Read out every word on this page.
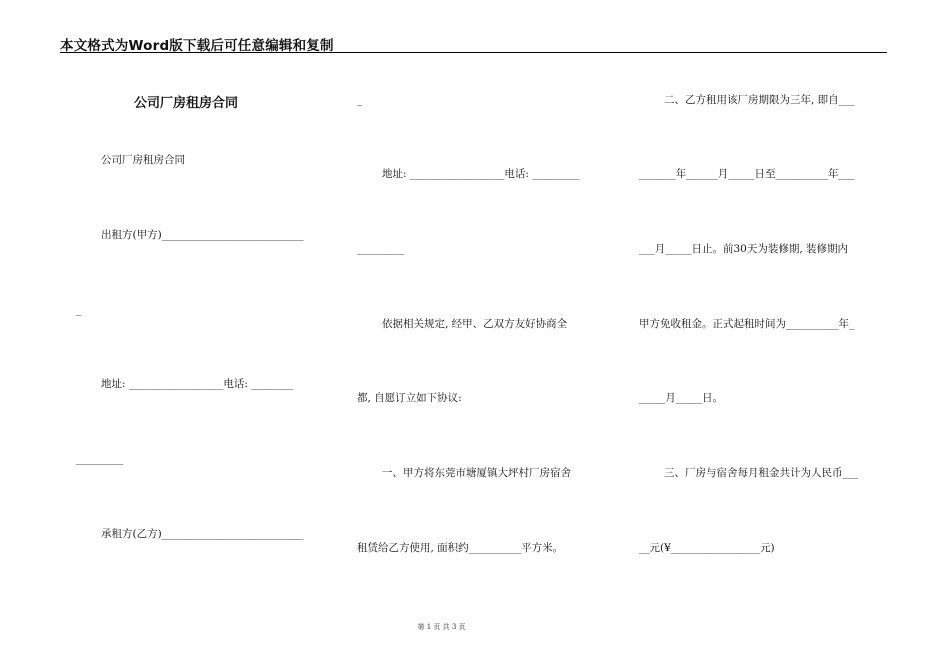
本文格式为Word版下载后可任意编辑和复制
公司厂房租房合同
公司厂房租房合同
出租方(甲方)___________________________
_
地址: __________________电话: ________
_________
承租方(乙方)___________________________
_
地址: __________________电话: _________
_________
依据相关规定, 经甲、乙双方友好协商全
都, 自愿订立如下协议:
一、甲方将东莞市塘厦镇大坪村厂房宿舍
租赁给乙方使用, 面积约__________平方米。
二、乙方租用该厂房期限为三年, 即自___
_______年______月_____日至__________年___
___月_____日止。前30天为装修期, 装修期内
甲方免收租金。正式起租时间为__________年_
_____月_____日。
三、厂房与宿舍每月租金共计为人民币___
__元(¥_________________元)
第 1 页 共 3 页
